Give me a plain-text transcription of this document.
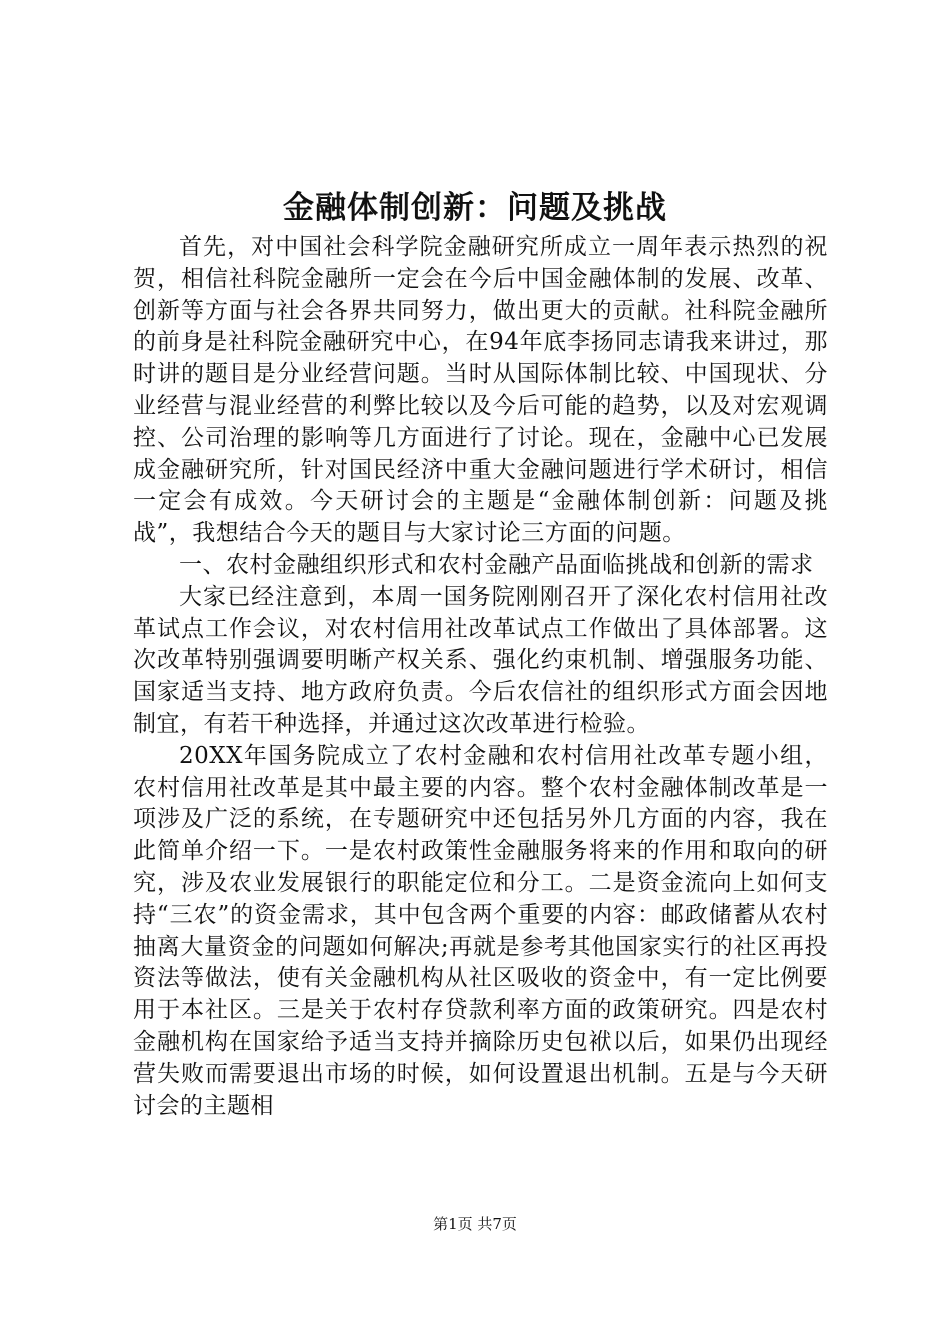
金融体制创新：问题及挑战

首先，对中国社会科学院金融研究所成立一周年表示热烈的祝贺，相信社科院金融所一定会在今后中国金融体制的发展、改革、创新等方面与社会各界共同努力，做出更大的贡献。社科院金融所的前身是社科院金融研究中心，在94年底李扬同志请我来讲过，那时讲的题目是分业经营问题。当时从国际体制比较、中国现状、分业经营与混业经营的利弊比较以及今后可能的趋势，以及对宏观调控、公司治理的影响等几方面进行了讨论。现在，金融中心已发展成金融研究所，针对国民经济中重大金融问题进行学术研讨，相信一定会有成效。今天研讨会的主题是“金融体制创新：问题及挑战”，我想结合今天的题目与大家讨论三方面的问题。

一、农村金融组织形式和农村金融产品面临挑战和创新的需求

大家已经注意到，本周一国务院刚刚召开了深化农村信用社改革试点工作会议，对农村信用社改革试点工作做出了具体部署。这次改革特别强调要明晰产权关系、强化约束机制、增强服务功能、国家适当支持、地方政府负责。今后农信社的组织形式方面会因地制宜，有若干种选择，并通过这次改革进行检验。

20XX年国务院成立了农村金融和农村信用社改革专题小组，农村信用社改革是其中最主要的内容。整个农村金融体制改革是一项涉及广泛的系统，在专题研究中还包括另外几方面的内容，我在此简单介绍一下。一是农村政策性金融服务将来的作用和取向的研究，涉及农业发展银行的职能定位和分工。二是资金流向上如何支持“三农”的资金需求，其中包含两个重要的内容：邮政储蓄从农村抽离大量资金的问题如何解决;再就是参考其他国家实行的社区再投资法等做法，使有关金融机构从社区吸收的资金中，有一定比例要用于本社区。三是关于农村存贷款利率方面的政策研究。四是农村金融机构在国家给予适当支持并摘除历史包袱以后，如果仍出现经营失败而需要退出市场的时候，如何设置退出机制。五是与今天研讨会的主题相

第1页 共7页
